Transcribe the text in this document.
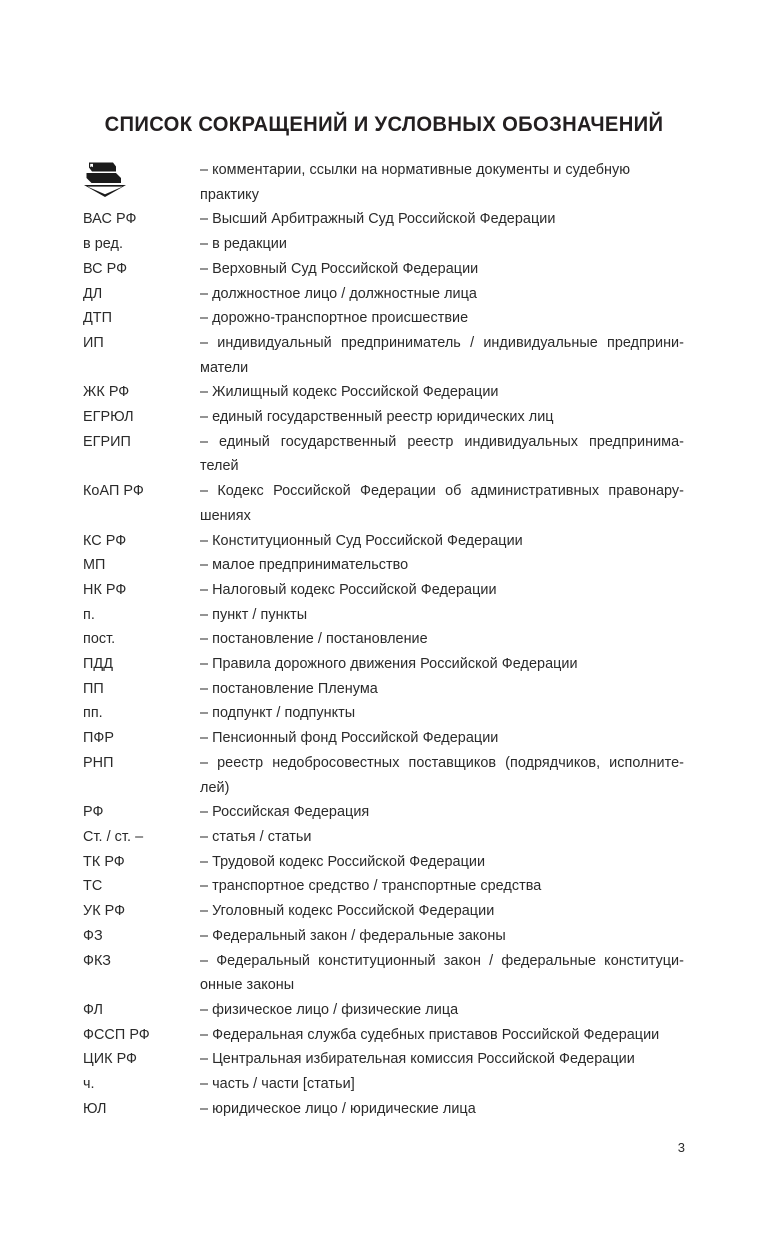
СПИСОК СОКРАЩЕНИЙ И УСЛОВНЫХ ОБОЗНАЧЕНИЙ
– комментарии, ссылки на нормативные документы и судебную практику
ВАС РФ	– Высший Арбитражный Суд Российской Федерации
в ред.	– в редакции
ВС РФ	– Верховный Суд Российской Федерации
ДЛ	– должностное лицо / должностные лица
ДТП	– дорожно-транспортное происшествие
ИП	– индивидуальный предприниматель / индивидуальные предприни-матели
ЖК РФ	– Жилищный кодекс Российской Федерации
ЕГРЮЛ	– единый государственный реестр юридических лиц
ЕГРИП	– единый государственный реестр индивидуальных предпринима-телей
КоАП РФ	– Кодекс Российской Федерации об административных правонару-шениях
КС РФ	– Конституционный Суд Российской Федерации
МП	– малое предпринимательство
НК РФ	– Налоговый кодекс Российской Федерации
п.	– пункт / пункты
пост.	– постановление / постановление
ПДД	– Правила дорожного движения Российской Федерации
ПП	– постановление Пленума
пп.	– подпункт / подпункты
ПФР	– Пенсионный фонд Российской Федерации
РНП	– реестр недобросовестных поставщиков (подрядчиков, исполните-лей)
РФ	– Российская Федерация
Ст. / ст. –	– статья / статьи
ТК РФ	– Трудовой кодекс Российской Федерации
ТС	– транспортное средство / транспортные средства
УК РФ	– Уголовный кодекс Российской Федерации
ФЗ	– Федеральный закон / федеральные законы
ФКЗ	– Федеральный конституционный закон / федеральные конституци-онные законы
ФЛ	– физическое лицо / физические лица
ФССП РФ	– Федеральная служба судебных приставов Российской Федерации
ЦИК РФ	– Центральная избирательная комиссия Российской Федерации
ч.	– часть / части [статьи]
ЮЛ	– юридическое лицо / юридические лица
3
